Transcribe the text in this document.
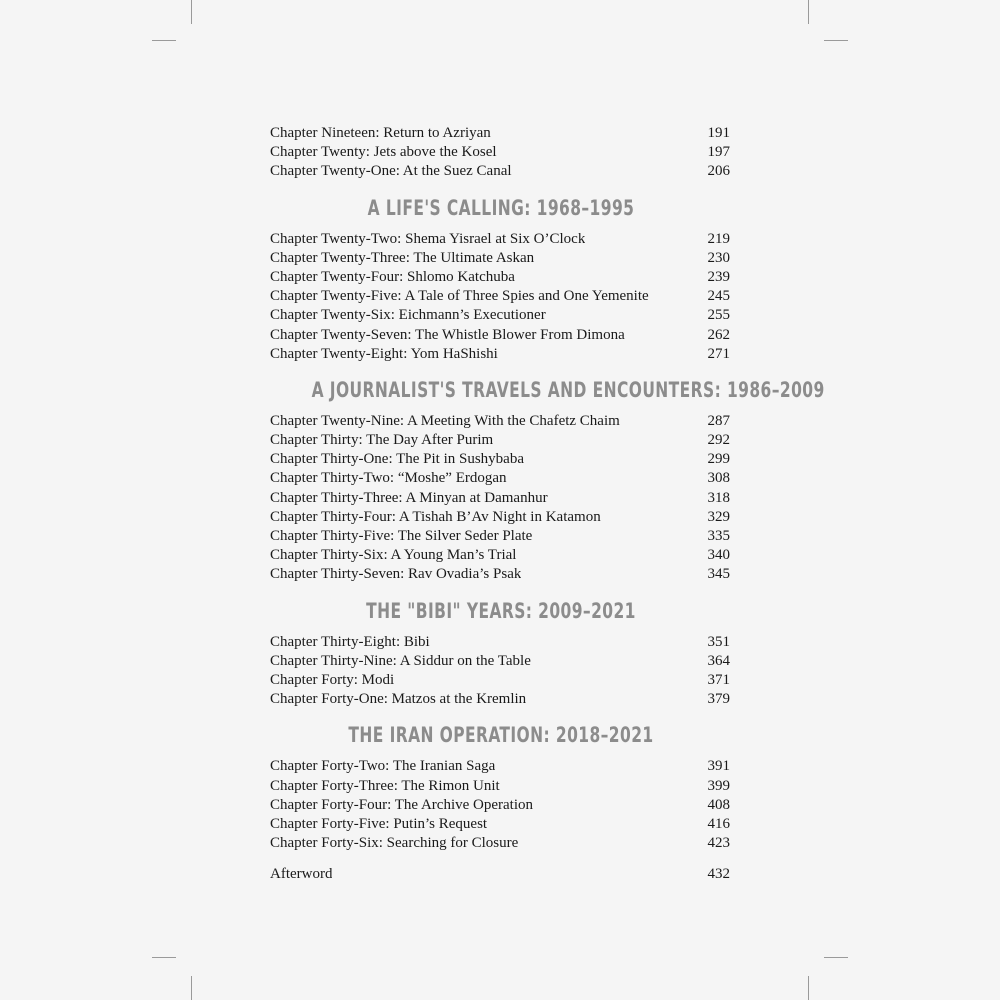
Chapter Nineteen: Return to Azriyan	191
Chapter Twenty: Jets above the Kosel	197
Chapter Twenty-One: At the Suez Canal	206
A LIFE'S CALLING: 1968–1995
Chapter Twenty-Two: Shema Yisrael at Six O’Clock	219
Chapter Twenty-Three: The Ultimate Askan	230
Chapter Twenty-Four: Shlomo Katchuba	239
Chapter Twenty-Five: A Tale of Three Spies and One Yemenite	245
Chapter Twenty-Six: Eichmann’s Executioner	255
Chapter Twenty-Seven: The Whistle Blower From Dimona	262
Chapter Twenty-Eight: Yom HaShishi	271
A JOURNALIST'S TRAVELS AND ENCOUNTERS: 1986–2009
Chapter Twenty-Nine: A Meeting With the Chafetz Chaim	287
Chapter Thirty: The Day After Purim	292
Chapter Thirty-One: The Pit in Sushybaba	299
Chapter Thirty-Two: “Moshe” Erdogan	308
Chapter Thirty-Three: A Minyan at Damanhur	318
Chapter Thirty-Four: A Tishah B’Av Night in Katamon	329
Chapter Thirty-Five: The Silver Seder Plate	335
Chapter Thirty-Six: A Young Man’s Trial	340
Chapter Thirty-Seven: Rav Ovadia’s Psak	345
THE "BIBI" YEARS: 2009–2021
Chapter Thirty-Eight: Bibi	351
Chapter Thirty-Nine: A Siddur on the Table	364
Chapter Forty: Modi	371
Chapter Forty-One: Matzos at the Kremlin	379
THE IRAN OPERATION: 2018–2021
Chapter Forty-Two: The Iranian Saga	391
Chapter Forty-Three: The Rimon Unit	399
Chapter Forty-Four: The Archive Operation	408
Chapter Forty-Five: Putin’s Request	416
Chapter Forty-Six: Searching for Closure	423
Afterword	432
